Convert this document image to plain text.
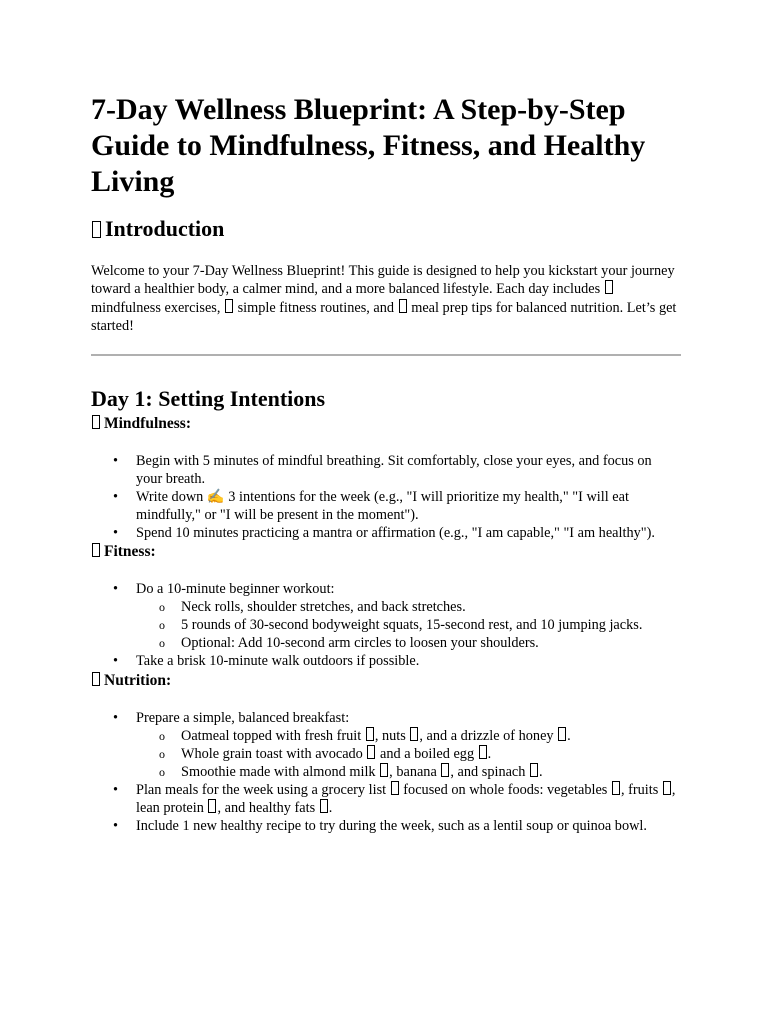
7-Day Wellness Blueprint: A Step-by-Step Guide to Mindfulness, Fitness, and Healthy Living
Introduction

Welcome to your 7-Day Wellness Blueprint! This guide is designed to help you kickstart your journey toward a healthier body, a calmer mind, and a more balanced lifestyle. Each day includes  mindfulness exercises, simple fitness routines, and meal prep tips for balanced nutrition. Let’s get started!

Day 1: Setting Intentions
Mindfulness:
• Begin with 5 minutes of mindful breathing. Sit comfortably, close your eyes, and focus on your breath.
• Write down ✍ 3 intentions for the week (e.g., "I will prioritize my health," "I will eat mindfully," or "I will be present in the moment").
• Spend 10 minutes practicing a mantra or affirmation (e.g., "I am capable," "I am healthy").
Fitness:
• Do a 10-minute beginner workout:
o Neck rolls, shoulder stretches, and back stretches.
o 5 rounds of 30-second bodyweight squats, 15-second rest, and 10 jumping jacks.
o Optional: Add 10-second arm circles to loosen your shoulders.
• Take a brisk 10-minute walk outdoors if possible.
Nutrition:
• Prepare a simple, balanced breakfast:
o Oatmeal topped with fresh fruit , nuts , and a drizzle of honey .
o Whole grain toast with avocado and a boiled egg .
o Smoothie made with almond milk , banana , and spinach .
• Plan meals for the week using a grocery list focused on whole foods: vegetables , fruits , lean protein , and healthy fats .
• Include 1 new healthy recipe to try during the week, such as a lentil soup or quinoa bowl.
